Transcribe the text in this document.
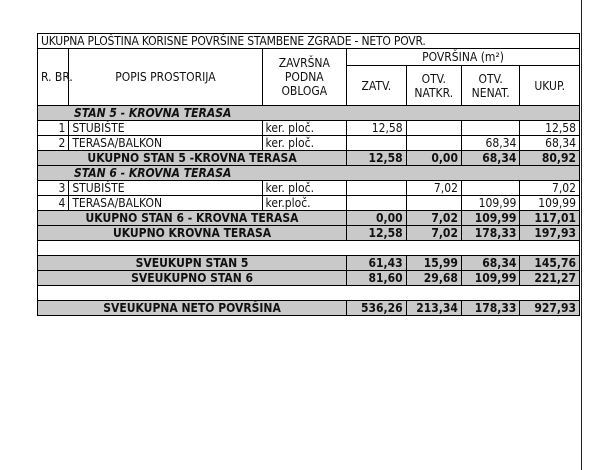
UKUPNA PLOŠTINA KORISNE POVRŠINE STAMBENE ZGRADE - NETO POVR.						
R. BR.	POPIS PROSTORIJA	ZAVRŠNA PODNA OBLOGA	POVRŠINA (m²)			
			ZATV.	OTV. NATKR.	OTV. NENAT.	UKUP.
STAN 5 - KROVNA TERASA						
1	STUBIŠTE	ker. ploč.	12,58			12,58
2	TERASA/BALKON	ker. ploč.			68,34	68,34
UKUPNO STAN 5 -KROVNA TERASA			12,58	0,00	68,34	80,92
STAN 6 - KROVNA TERASA						
3	STUBIŠTE	ker. ploč.		7,02		7,02
4	TERASA/BALKON	ker.ploč.			109,99	109,99
UKUPNO STAN 6 - KROVNA TERASA			0,00	7,02	109,99	117,01
UKUPNO KROVNA TERASA			12,58	7,02	178,33	197,93

SVEUKUPN STAN 5			61,43	15,99	68,34	145,76
SVEUKUPNO STAN 6			81,60	29,68	109,99	221,27

SVEUKUPNA NETO POVRŠINA			536,26	213,34	178,33	927,93
